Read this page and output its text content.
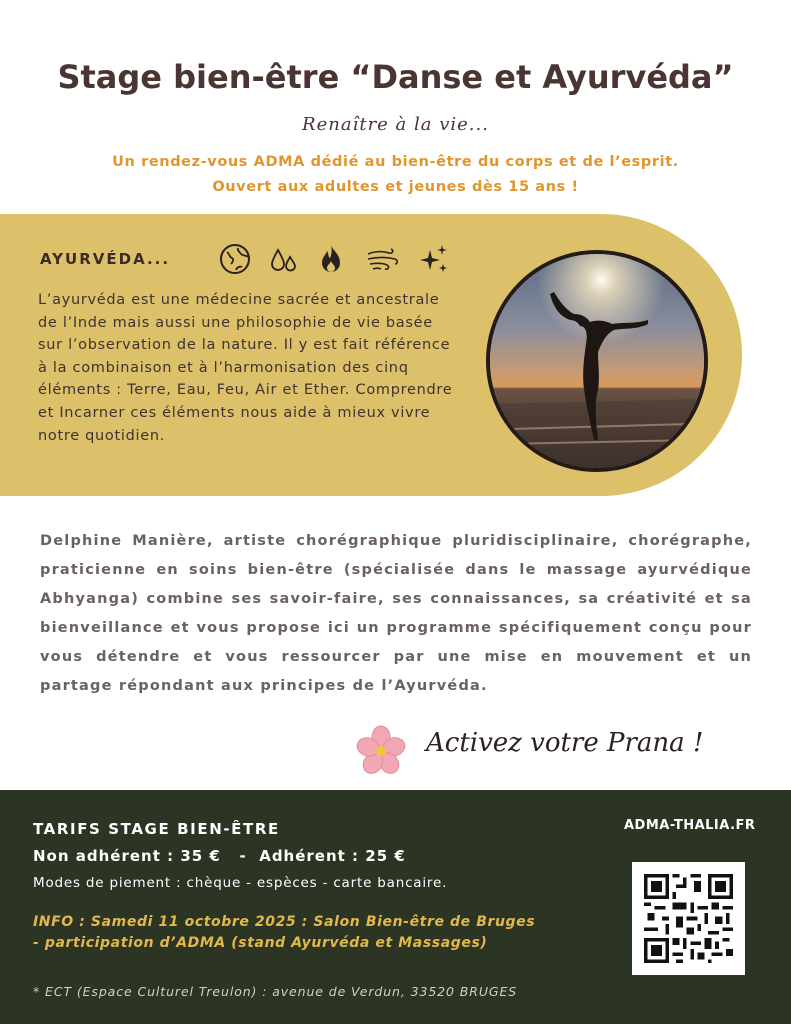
Stage bien-être “Danse et Ayurvéda”
Renaître à la vie...
Un rendez-vous ADMA dédié au bien-être du corps et de l’esprit.
Ouvert aux adultes et jeunes dès 15 ans !
AYURVÉDA...
L’ayurvéda est une médecine sacrée et ancestrale de l’Inde mais aussi une philosophie de vie basée sur l’observation de la nature. Il y est fait référence à la combinaison et à l’harmonisation des cinq éléments : Terre, Eau, Feu, Air et Ether. Comprendre et Incarner ces éléments nous aide à mieux vivre notre quotidien.
Delphine Manière, artiste chorégraphique pluridisciplinaire, chorégraphe, praticienne en soins bien-être (spécialisée dans le massage ayurvédique Abhyanga) combine ses savoir-faire, ses connaissances, sa créativité et sa bienveillance et vous propose ici un programme spécifiquement conçu pour vous détendre et vous ressourcer par une mise en mouvement et un partage répondant aux principes de l’Ayurvéda.
Activez votre Prana !
TARIFS STAGE BIEN-ÊTRE
Non adhérent : 35 €   -  Adhérent : 25 €
Modes de piement : chèque - espèces - carte bancaire.
INFO : Samedi 11 octobre 2025 : Salon Bien-être de Bruges
- participation d’ADMA (stand Ayurvéda et Massages)
* ECT (Espace Culturel Treulon) : avenue de Verdun, 33520 BRUGES
ADMA-THALIA.FR
